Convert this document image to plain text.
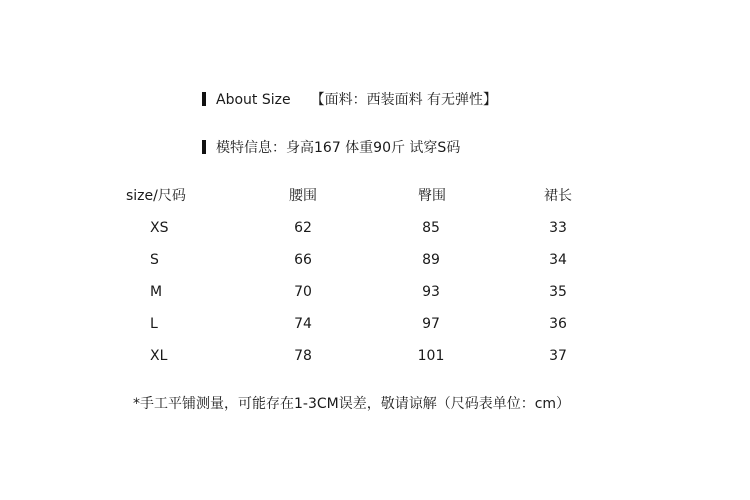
About Size 【面料：西装面料 有无弹性】
模特信息：身高167 体重90斤 试穿S码
size/尺码	腰围	臀围	裙长
XS	62	85	33
S	66	89	34
M	70	93	35
L	74	97	36
XL	78	101	37
*手工平铺测量，可能存在1-3CM误差，敬请谅解（尺码表单位：cm）
